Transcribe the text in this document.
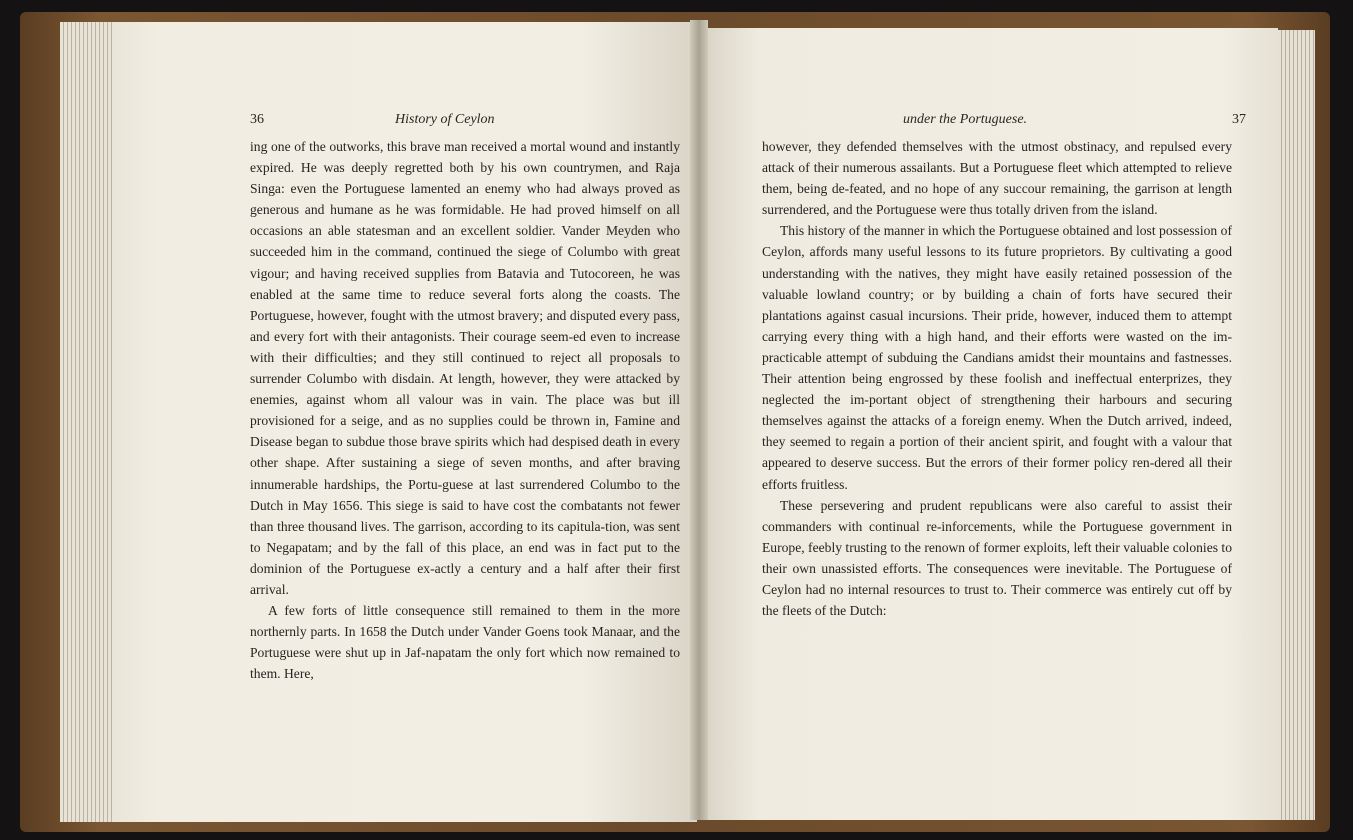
36	History of Ceylon	under the Portuguese.	37

ing one of the outworks, this brave man received a mortal wound and instantly expired. He was deeply regretted both by his own countrymen, and Raja Singa: even the Portuguese lamented an enemy who had always proved as generous and humane as he was formidable. He had proved himself on all occasions an able statesman and an excellent soldier. Vander Meyden who succeeded him in the command, continued the siege of Columbo with great vigour; and having received supplies from Batavia and Tutocoreen, he was enabled at the same time to reduce several forts along the coasts. The Portuguese, however, fought with the utmost bravery; and disputed every pass, and every fort with their antagonists. Their courage seem-ed even to increase with their difficulties; and they still continued to reject all proposals to surrender Columbo with disdain. At length, however, they were attacked by enemies, against whom all valour was in vain. The place was but ill provisioned for a seige, and as no supplies could be thrown in, Famine and Disease began to subdue those brave spirits which had despised death in every other shape. After sustaining a siege of seven months, and after braving innumerable hardships, the Portu-guese at last surrendered Columbo to the Dutch in May 1656. This siege is said to have cost the combatants not fewer than three thousand lives. The garrison, according to its capitula-tion, was sent to Negapatam; and by the fall of this place, an end was in fact put to the dominion of the Portuguese ex-actly a century and a half after their first arrival.

A few forts of little consequence still remained to them in the more northernly parts. In 1658 the Dutch under Vander Goens took Manaar, and the Portuguese were shut up in Jaf-napatam the only fort which now remained to them. Here,

however, they defended themselves with the utmost obstinacy, and repulsed every attack of their numerous assailants. But a Portuguese fleet which attempted to relieve them, being de-feated, and no hope of any succour remaining, the garrison at length surrendered, and the Portuguese were thus totally driven from the island.

This history of the manner in which the Portuguese obtained and lost possession of Ceylon, affords many useful lessons to its future proprietors. By cultivating a good understanding with the natives, they might have easily retained possession of the valuable lowland country; or by building a chain of forts have secured their plantations against casual incursions. Their pride, however, induced them to attempt carrying every thing with a high hand, and their efforts were wasted on the im-practicable attempt of subduing the Candians amidst their mountains and fastnesses. Their attention being engrossed by these foolish and ineffectual enterprizes, they neglected the im-portant object of strengthening their harbours and securing themselves against the attacks of a foreign enemy. When the Dutch arrived, indeed, they seemed to regain a portion of their ancient spirit, and fought with a valour that appeared to deserve success. But the errors of their former policy ren-dered all their efforts fruitless.

These persevering and prudent republicans were also careful to assist their commanders with continual re-inforcements, while the Portuguese government in Europe, feebly trusting to the renown of former exploits, left their valuable colonies to their own unassisted efforts. The consequences were inevitable. The Portuguese of Ceylon had no internal resources to trust to. Their commerce was entirely cut off by the fleets of the Dutch:
